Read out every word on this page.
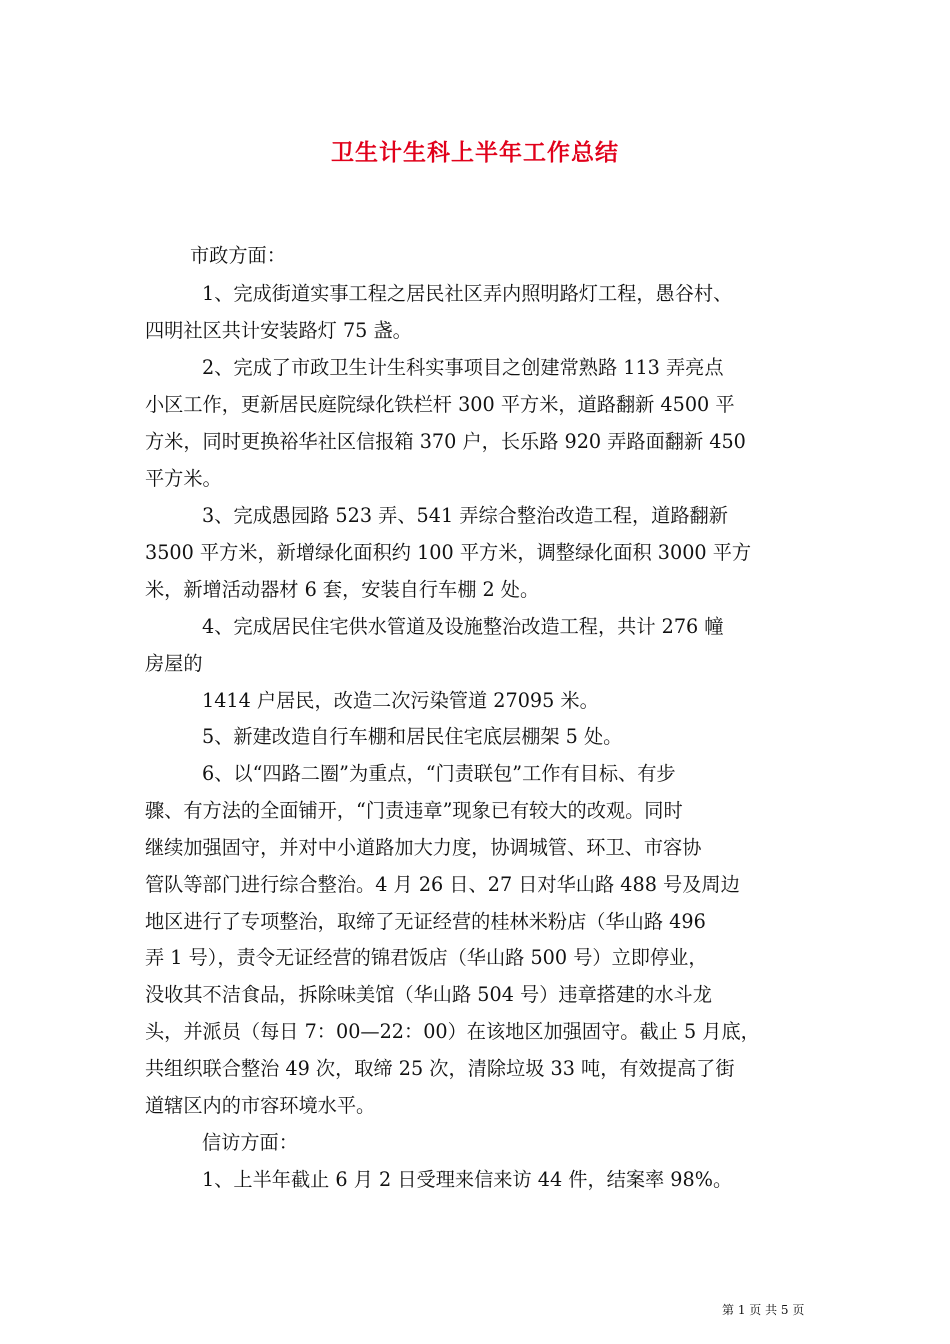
卫生计生科上半年工作总结
市政方面：
1、完成街道实事工程之居民社区弄内照明路灯工程，愚谷村、
四明社区共计安装路灯 75 盏。
2、完成了市政卫生计生科实事项目之创建常熟路 113 弄亮点
小区工作，更新居民庭院绿化铁栏杆 300 平方米，道路翻新 4500 平
方米，同时更换裕华社区信报箱 370 户，长乐路 920 弄路面翻新 450
平方米。
3、完成愚园路 523 弄、541 弄综合整治改造工程，道路翻新
3500 平方米，新增绿化面积约 100 平方米，调整绿化面积 3000 平方
米，新增活动器材 6 套，安装自行车棚 2 处。
4、完成居民住宅供水管道及设施整治改造工程，共计 276 幢
房屋的
1414 户居民，改造二次污染管道 27095 米。
5、新建改造自行车棚和居民住宅底层棚架 5 处。
6、以“四路二圈”为重点，“门责联包”工作有目标、有步
骤、有方法的全面铺开，“门责违章”现象已有较大的改观。同时
继续加强固守，并对中小道路加大力度，协调城管、环卫、市容协
管队等部门进行综合整治。4 月 26 日、27 日对华山路 488 号及周边
地区进行了专项整治，取缔了无证经营的桂林米粉店（华山路 496
弄 1 号），责令无证经营的锦君饭店（华山路 500 号）立即停业，
没收其不洁食品，拆除味美馆（华山路 504 号）违章搭建的水斗龙
头，并派员（每日 7：00—22：00）在该地区加强固守。截止 5 月底，
共组织联合整治 49 次，取缔 25 次，清除垃圾 33 吨，有效提高了街
道辖区内的市容环境水平。
信访方面：
1、上半年截止 6 月 2 日受理来信来访 44 件，结案率 98%。
第 1 页 共 5 页
